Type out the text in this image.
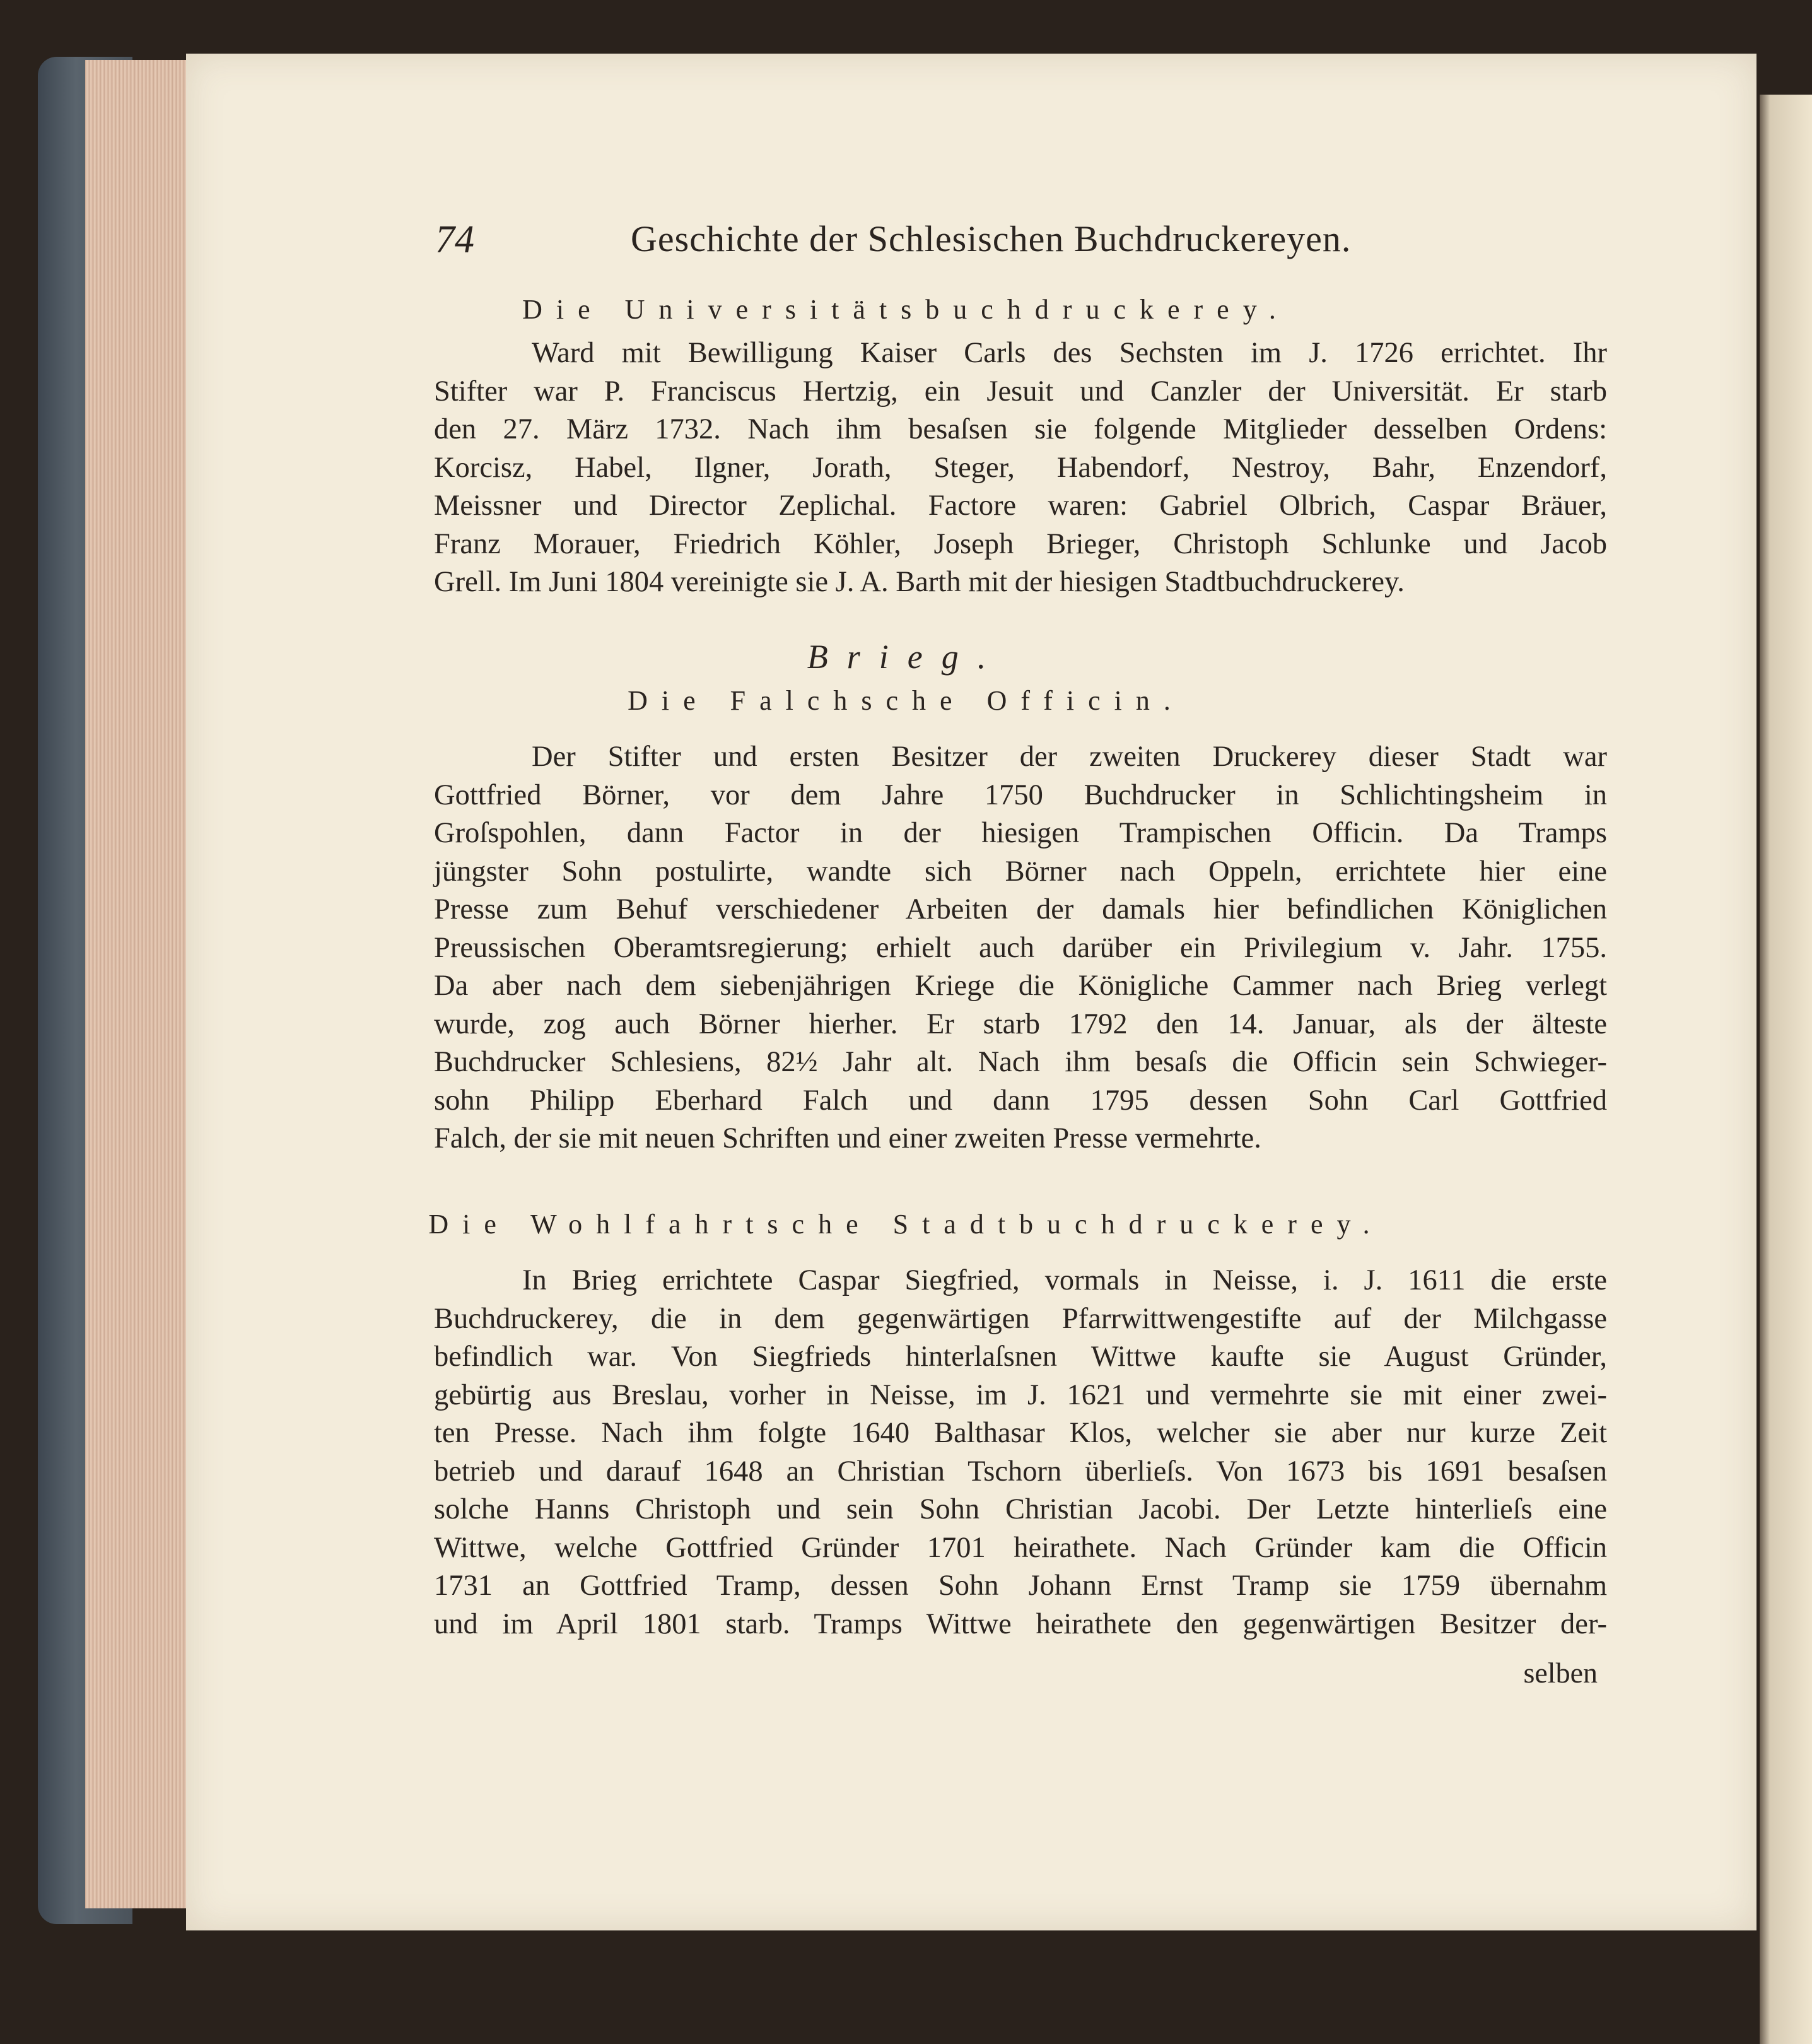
74	Geschichte der Schlesischen Buchdruckereyen.
Die Universitätsbuchdruckerey.
Ward mit Bewilligung Kaiser Carls des Sechsten im J. 1726 errichtet. Ihr
Stifter war P. Franciscus Hertzig, ein Jesuit und Canzler der Universität. Er starb
den 27. März 1732. Nach ihm besaſsen sie folgende Mitglieder desselben Ordens:
Korcisz, Habel, Ilgner, Jorath, Steger, Habendorf, Nestroy, Bahr, Enzendorf,
Meissner und Director Zeplichal. Factore waren: Gabriel Olbrich, Caspar Bräuer,
Franz Morauer, Friedrich Köhler, Joseph Brieger, Christoph Schlunke und Jacob
Grell. Im Juni 1804 vereinigte sie J. A. Barth mit der hiesigen Stadtbuchdruckerey.
Brieg.
Die Falchsche Officin.
Der Stifter und ersten Besitzer der zweiten Druckerey dieser Stadt war
Gottfried Börner, vor dem Jahre 1750 Buchdrucker in Schlichtingsheim in
Groſspohlen, dann Factor in der hiesigen Trampischen Officin. Da Tramps
jüngster Sohn postulirte, wandte sich Börner nach Oppeln, errichtete hier eine
Presse zum Behuf verschiedener Arbeiten der damals hier befindlichen Königlichen
Preussischen Oberamtsregierung; erhielt auch darüber ein Privilegium v. Jahr. 1755.
Da aber nach dem siebenjährigen Kriege die Königliche Cammer nach Brieg verlegt
wurde, zog auch Börner hierher. Er starb 1792 den 14. Januar, als der älteste
Buchdrucker Schlesiens, 82½ Jahr alt. Nach ihm besaſs die Officin sein Schwieger-
sohn Philipp Eberhard Falch und dann 1795 dessen Sohn Carl Gottfried
Falch, der sie mit neuen Schriften und einer zweiten Presse vermehrte.
Die Wohlfahrtsche Stadtbuchdruckerey.
In Brieg errichtete Caspar Siegfried, vormals in Neisse, i. J. 1611 die erste
Buchdruckerey, die in dem gegenwärtigen Pfarrwittwengestifte auf der Milchgasse
befindlich war. Von Siegfrieds hinterlaſsnen Wittwe kaufte sie August Gründer,
gebürtig aus Breslau, vorher in Neisse, im J. 1621 und vermehrte sie mit einer zwei-
ten Presse. Nach ihm folgte 1640 Balthasar Klos, welcher sie aber nur kurze Zeit
betrieb und darauf 1648 an Christian Tschorn überlieſs. Von 1673 bis 1691 besaſsen
solche Hanns Christoph und sein Sohn Christian Jacobi. Der Letzte hinterlieſs eine
Wittwe, welche Gottfried Gründer 1701 heirathete. Nach Gründer kam die Officin
1731 an Gottfried Tramp, dessen Sohn Johann Ernst Tramp sie 1759 übernahm
und im April 1801 starb. Tramps Wittwe heirathete den gegenwärtigen Besitzer der-
selben
